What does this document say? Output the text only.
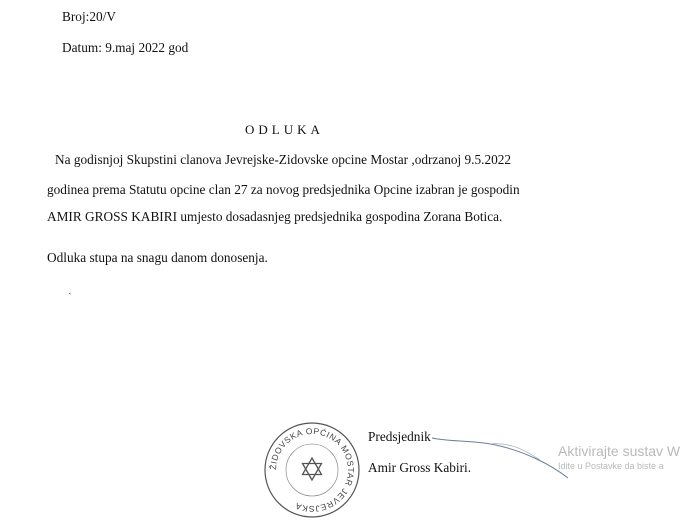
Broj:20/V
Datum: 9.maj 2022 god
ODLUKA
Na godisnjoj Skupstini clanova Jevrejske-Zidovske opcine Mostar ,odrzanoj 9.5.2022
godinea prema Statutu opcine clan 27 za novog predsjednika Opcine izabran je gospodin
AMIR GROSS KABIRI umjesto dosadasnjeg predsjednika gospodina Zorana Botica.
Odluka stupa na snagu danom donosenja.
ˏ
ŽIDOVSKA OPĆINA MOSTAR JEVREJSKA
Predsjednik
Amir Gross Kabiri.
Aktivirajte sustav W
Idite u Postavke da biste a
